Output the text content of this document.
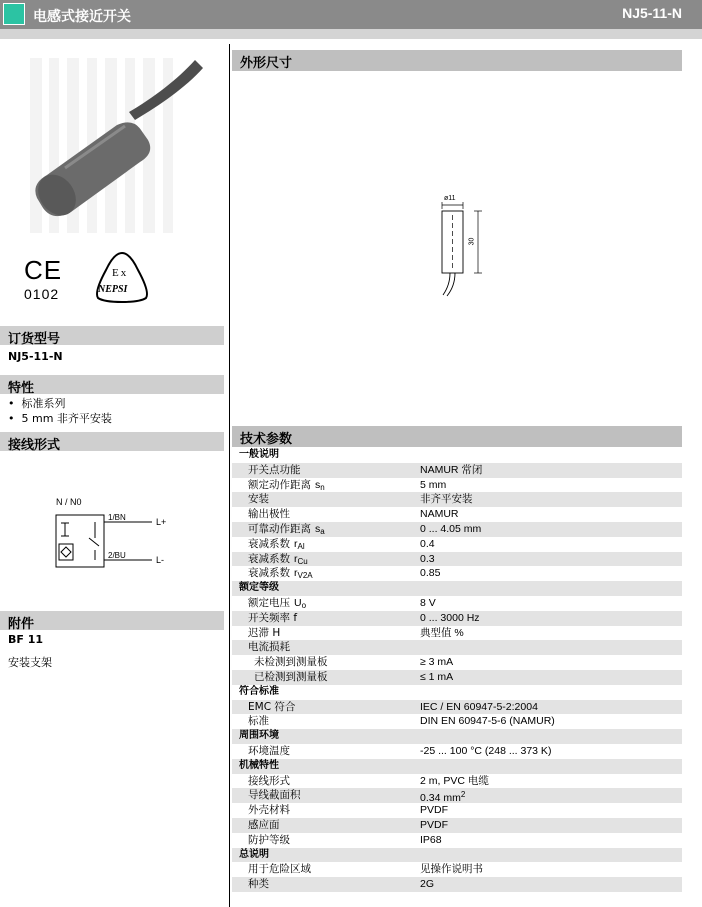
电感式接近开关	NJ5-11-N
CE
0102
Ex
NEPSI
订货型号
NJ5-11-N
特性
•  标准系列
•  5 mm 非齐平安装
接线形式
N / N0
1/BN
2/BU
L+
L-
附件
BF 11
安装支架
外形尺寸
ø11
30
技术参数
一般说明
开关点功能	NAMUR 常闭
额定动作距离 $s_n$	5 mm
安装	非齐平安装
输出极性	NAMUR
可靠动作距离 $s_a$	0 ... 4.05 mm
衰减系数 $r_{Al}$	0.4
衰减系数 $r_{Cu}$	0.3
衰减系数 $r_{V2A}$	0.85
额定等级
额定电压 $U_o$	8 V
开关频率 f	0 ... 3000 Hz
迟滞 H	典型值 %
电流损耗
未检测到测量板	≥ 3 mA
已检测到测量板	≤ 1 mA
符合标准
EMC 符合	IEC / EN 60947-5-2:2004
标准	DIN EN 60947-5-6 (NAMUR)
周围环境
环境温度	-25 ... 100 °C (248 ... 373 K)
机械特性
接线形式	2 m, PVC 电缆
导线截面积	0.34 $mm^2$
外壳材料	PVDF
感应面	PVDF
防护等级	IP68
总说明
用于危险区域	见操作说明书
种类	2G
